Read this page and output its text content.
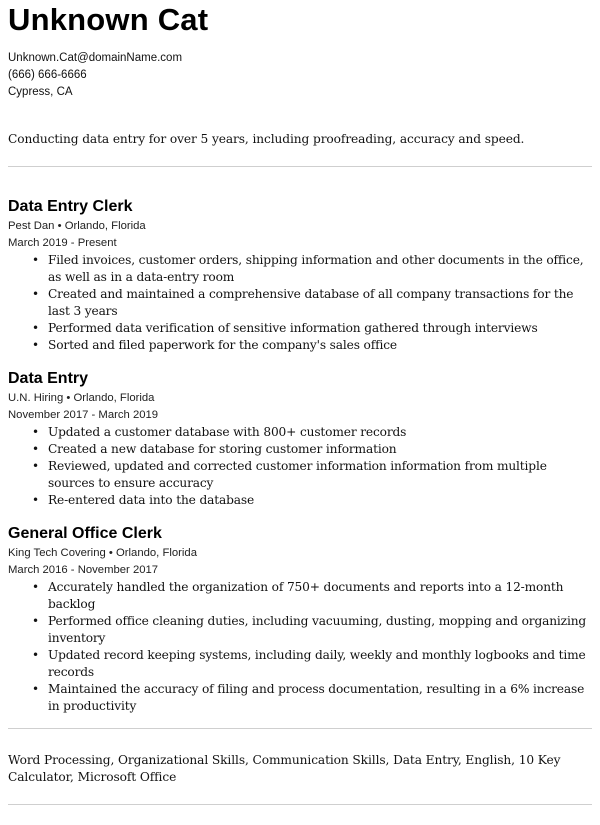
Unknown Cat
Unknown.Cat@domainName.com
(666) 666-6666
Cypress, CA
Conducting data entry for over 5 years, including proofreading, accuracy and speed.
Data Entry Clerk
Pest Dan • Orlando, Florida
March 2019 - Present
• Filed invoices, customer orders, shipping information and other documents in the office, as well as in a data-entry room
• Created and maintained a comprehensive database of all company transactions for the last 3 years
• Performed data verification of sensitive information gathered through interviews
• Sorted and filed paperwork for the company's sales office
Data Entry
U.N. Hiring • Orlando, Florida
November 2017 - March 2019
• Updated a customer database with 800+ customer records
• Created a new database for storing customer information
• Reviewed, updated and corrected customer information information from multiple sources to ensure accuracy
• Re-entered data into the database
General Office Clerk
King Tech Covering • Orlando, Florida
March 2016 - November 2017
• Accurately handled the organization of 750+ documents and reports into a 12-month backlog
• Performed office cleaning duties, including vacuuming, dusting, mopping and organizing inventory
• Updated record keeping systems, including daily, weekly and monthly logbooks and time records
• Maintained the accuracy of filing and process documentation, resulting in a 6% increase in productivity
Word Processing, Organizational Skills, Communication Skills, Data Entry, English, 10 Key Calculator, Microsoft Office
